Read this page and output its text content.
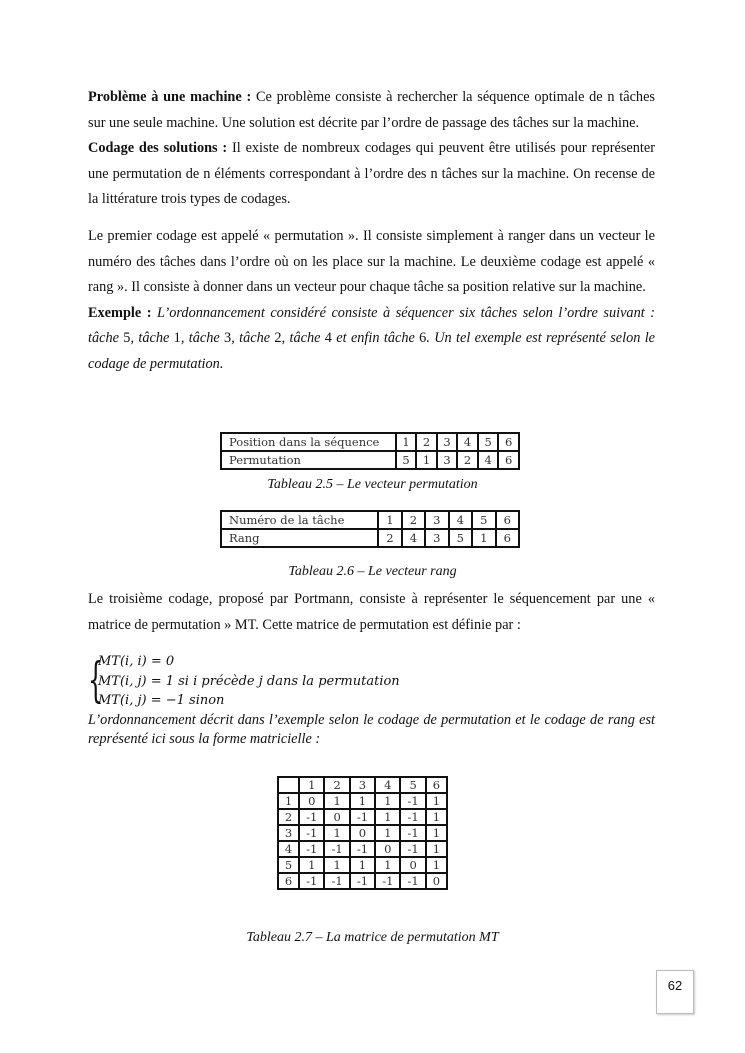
Problème à une machine : Ce problème consiste à rechercher la séquence optimale de n tâches sur une seule machine. Une solution est décrite par l’ordre de passage des tâches sur la machine.
Codage des solutions : Il existe de nombreux codages qui peuvent être utilisés pour représenter une permutation de n éléments correspondant à l’ordre des n tâches sur la machine. On recense de la littérature trois types de codages.
Le premier codage est appelé « permutation ». Il consiste simplement à ranger dans un vecteur le numéro des tâches dans l’ordre où on les place sur la machine. Le deuxième codage est appelé « rang ». Il consiste à donner dans un vecteur pour chaque tâche sa position relative sur la machine.
Exemple : L’ordonnancement considéré consiste à séquencer six tâches selon l’ordre suivant : tâche 5, tâche 1, tâche 3, tâche 2, tâche 4 et enfin tâche 6. Un tel exemple est représenté selon le codage de permutation.
Position dans la séquence	1	2	3	4	5	6
Permutation	5	1	3	2	4	6
Tableau 2.5 – Le vecteur permutation
Numéro de la tâche	1	2	3	4	5	6
Rang	2	4	3	5	1	6
Tableau 2.6 – Le vecteur rang
Le troisième codage, proposé par Portmann, consiste à représenter le séquencement par une « matrice de permutation » MT. Cette matrice de permutation est définie par :
{
MT(i, i) = 0
MT(i, j) = 1 si i précède j dans la permutation
MT(i, j) = −1 sinon
L’ordonnancement décrit dans l’exemple selon le codage de permutation et le codage de rang est représenté ici sous la forme matricielle :
	1	2	3	4	5	6
1	0	1	1	1	-1	1
2	-1	0	-1	1	-1	1
3	-1	1	0	1	-1	1
4	-1	-1	-1	0	-1	1
5	1	1	1	1	0	1
6	-1	-1	-1	-1	-1	0
Tableau 2.7 – La matrice de permutation MT
62
